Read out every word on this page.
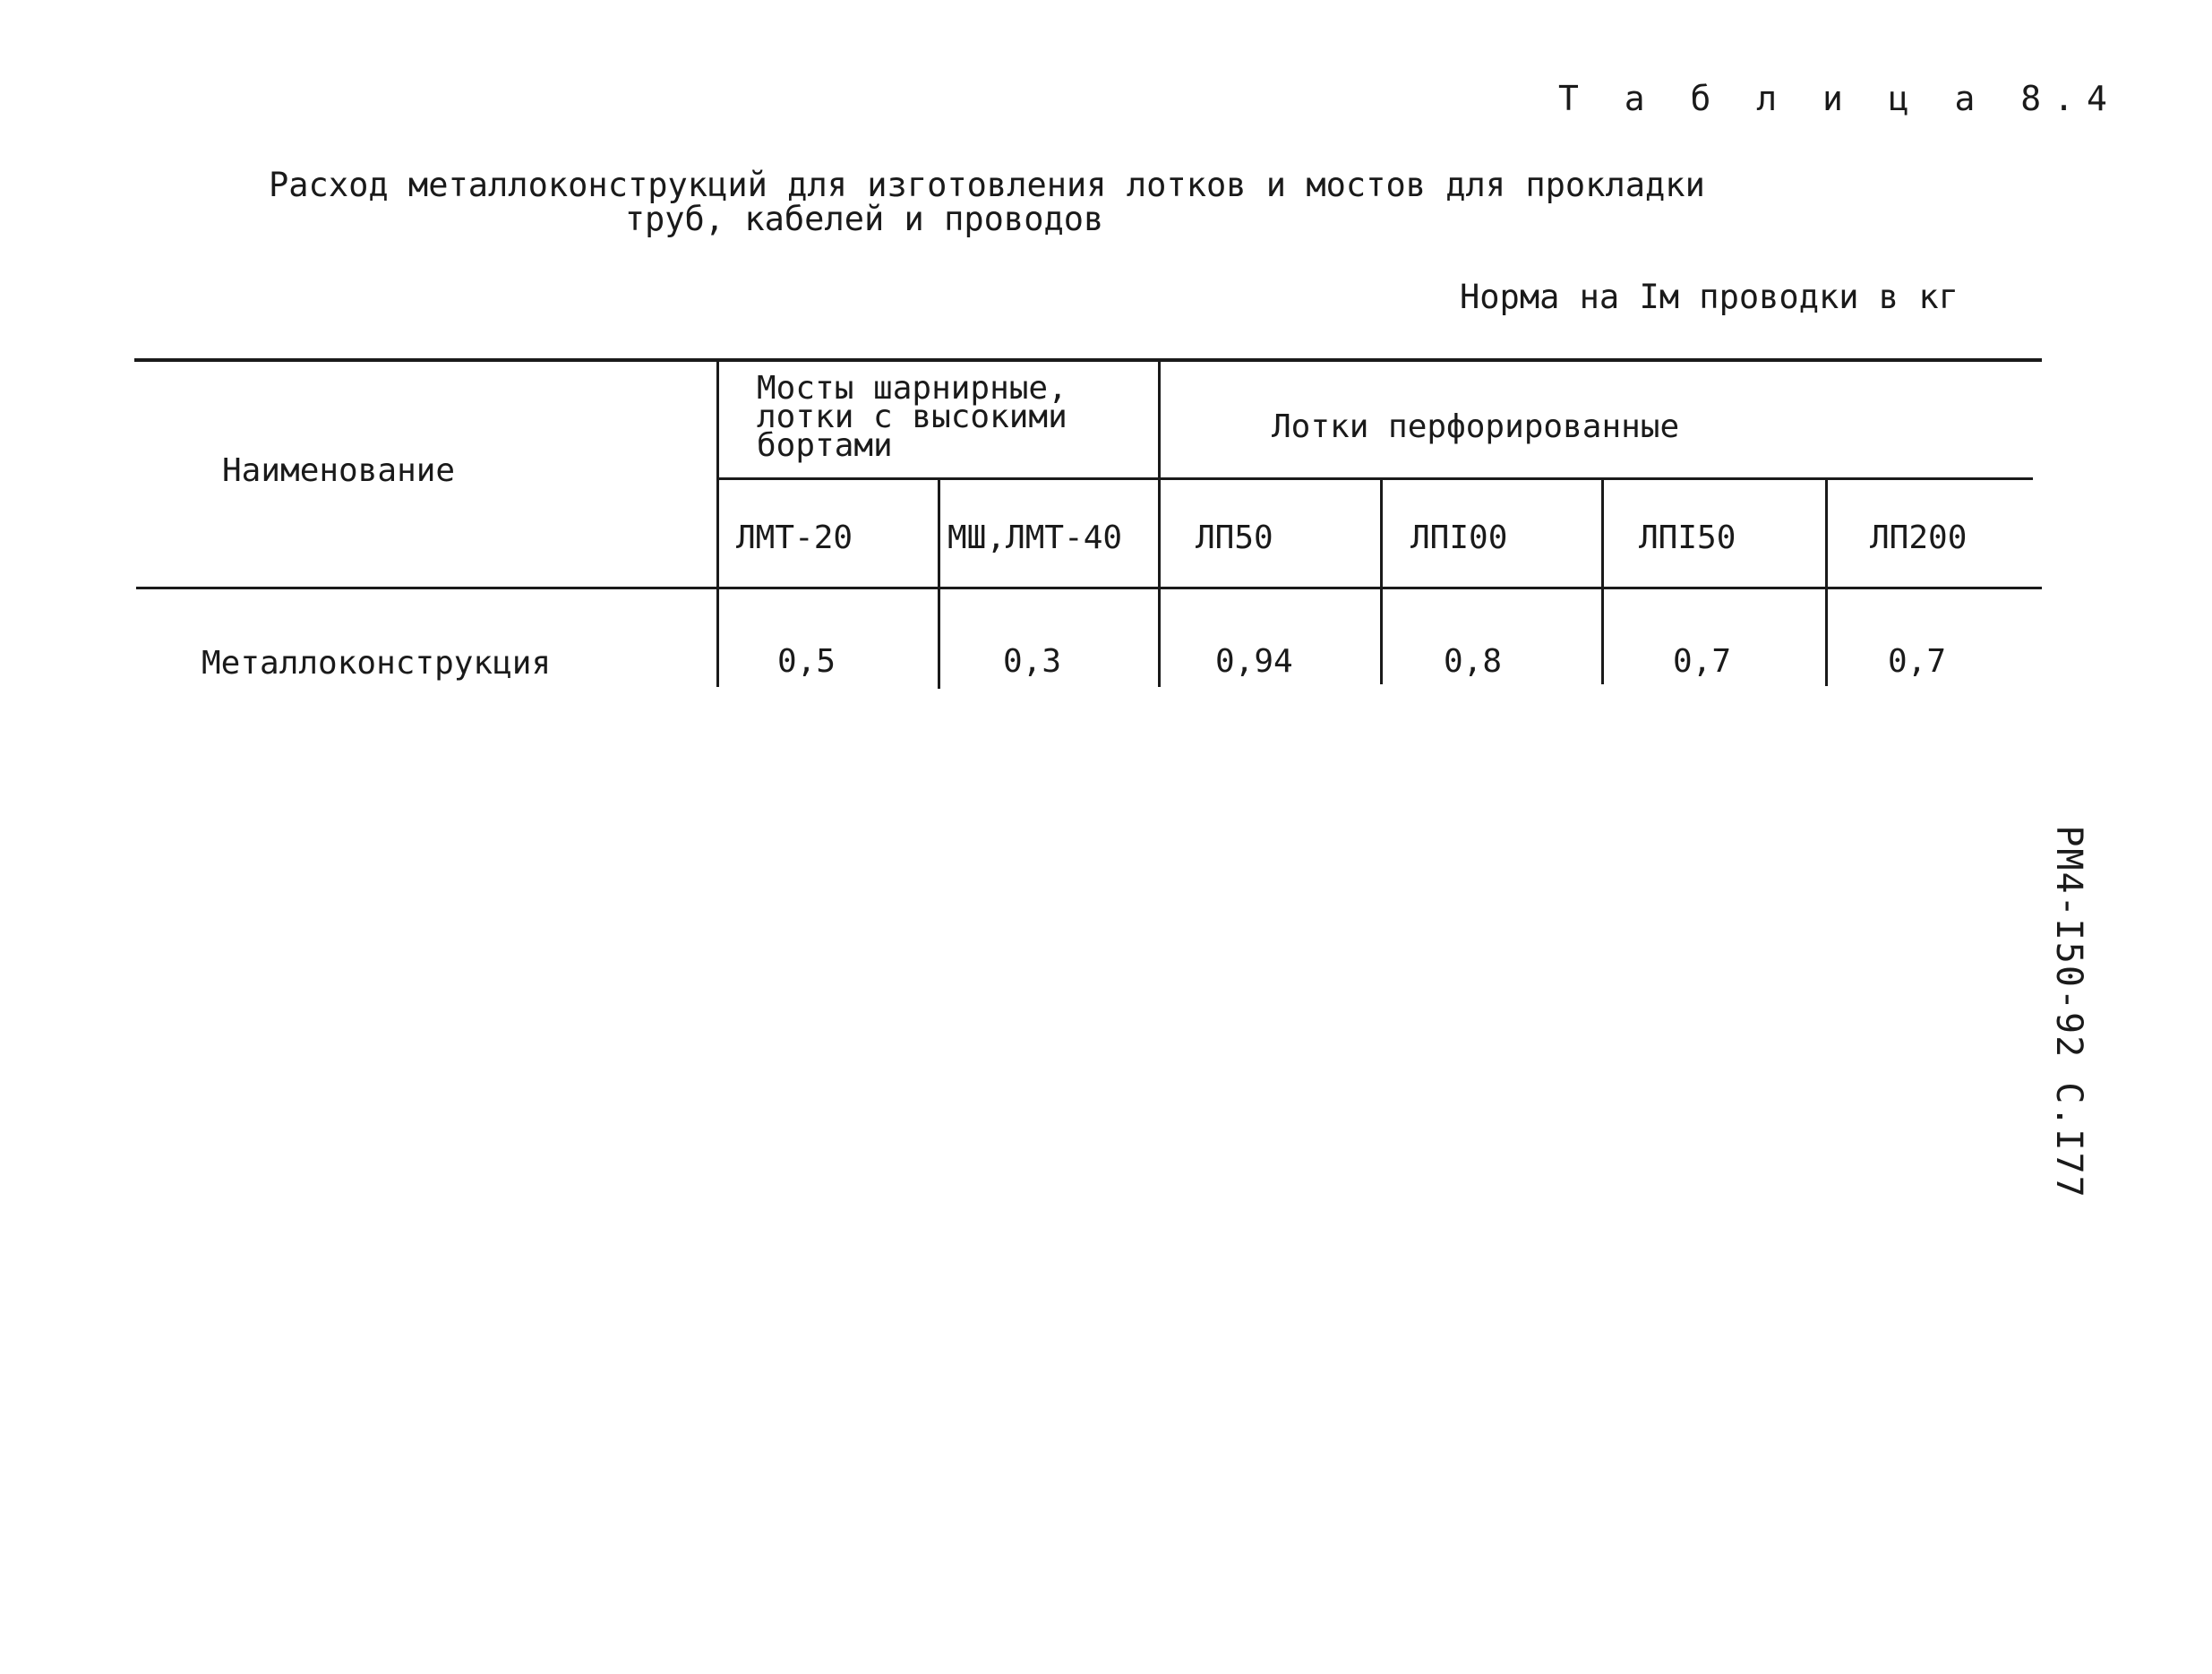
Т а б л и ц а 8.4
Расход металлоконструкций для изготовления лотков и мостов для прокладки
труб, кабелей и проводов
Норма на Iм проводки в кг
РМ4-I50-92 С.I77
Наименование
Мосты шарнирные,
лотки с высокими
бортами
Лотки перфорированные
ЛМТ-20	МШ,ЛМТ-40 ЛП50	ЛПI00	ЛПI50	ЛП200
Металлоконструкция	0,5	0,3	0,94	0,8	0,7	0,7
